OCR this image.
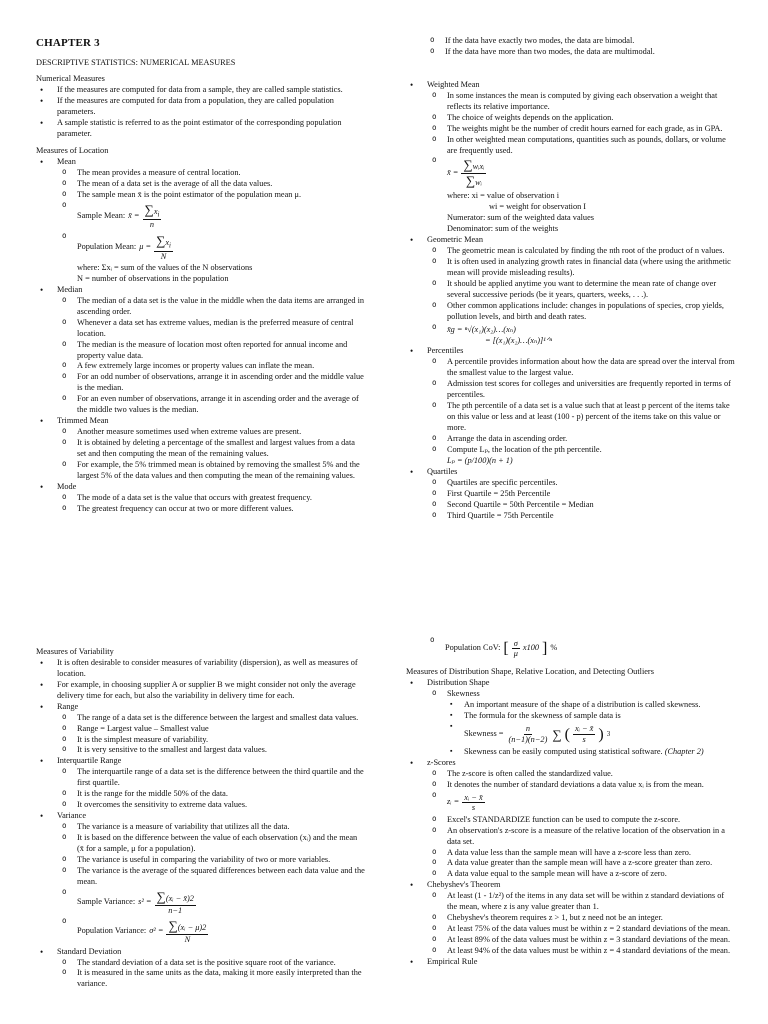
CHAPTER 3
DESCRIPTIVE STATISTICS: NUMERICAL MEASURES
Numerical Measures
• If the measures are computed for data from a sample, they are called sample statistics.
• If the measures are computed for data from a population, they are called population parameters.
• A sample statistic is referred to as the point estimator of the corresponding population parameter.
Measures of Location
• Mean
o The mean provides a measure of central location.
o The mean of a data set is the average of all the data values.
o The sample mean x̄ is the point estimator of the population mean μ.
o Sample Mean: x̄ = $\frac{\sum x_i}{n}$
o Population Mean: $\mu = \frac{\sum x_i}{N}$
where: Σxᵢ = sum of the values of the N observations
N = number of observations in the population
• Median
o The median of a data set is the value in the middle when the data items are arranged in ascending order.
o Whenever a data set has extreme values, median is the preferred measure of central location.
o The median is the measure of location most often reported for annual income and property value data.
o A few extremely large incomes or property values can inflate the mean.
o For an odd number of observations, arrange it in ascending order and the middle value is the median.
o For an even number of observations, arrange it in ascending order and the average of the middle two values is the median.
• Trimmed Mean
o Another measure sometimes used when extreme values are present.
o It is obtained by deleting a percentage of the smallest and largest values from a data set and then computing the mean of the remaining values.
o For example, the 5% trimmed mean is obtained by removing the smallest 5% and the largest 5% of the data values and then computing the mean of the remaining values.
• Mode
o The mode of a data set is the value that occurs with greatest frequency.
o The greatest frequency can occur at two or more different values.
o If the data have exactly two modes, the data are bimodal.
o If the data have more than two modes, the data are multimodal.
• Weighted Mean
o In some instances the mean is computed by giving each observation a weight that reflects its relative importance.
o The choice of weights depends on the application.
o The weights might be the number of credit hours earned for each grade, as in GPA.
o In other weighted mean computations, quantities such as pounds, dollars, or volume are frequently used.
o x̄ = $\frac{\text{∑wᵢxᵢ}}{\text{∑wᵢ}}$
where: xi = value of observation i
wi = weight for observation I
Numerator: sum of the weighted data values
Denominator: sum of the weights
• Geometric Mean
o The geometric mean is calculated by finding the nth root of the product of n values.
o It is often used in analyzing growth rates in financial data (where using the arithmetic mean will provide misleading results).
o It should be applied anytime you want to determine the mean rate of change over several successive periods (be it years, quarters, weeks, . . .).
o Other common applications include: changes in populations of species, crop yields, pollution levels, and birth and death rates.
o x̄g = ⁿ√(x₁)(x₂)…(xₙ)
= [(x₁)(x₂)…(xₙ)]¹ᐟⁿ
• Percentiles
o A percentile provides information about how the data are spread over the interval from the smallest value to the largest value.
o Admission test scores for colleges and universities are frequently reported in terms of percentiles.
o The pth percentile of a data set is a value such that at least p percent of the items take on this value or less and at least (100 - p) percent of the items take on this value or more.
o Arrange the data in ascending order.
o Compute Lₚ, the location of the pth percentile.
Lₚ = (p/100)(n + 1)
• Quartiles
o Quartiles are specific percentiles.
o First Quartile = 25th Percentile
o Second Quartile = 50th Percentile = Median
o Third Quartile = 75th Percentile
Measures of Variability
• It is often desirable to consider measures of variability (dispersion), as well as measures of location.
• For example, in choosing supplier A or supplier B we might consider not only the average delivery time for each, but also the variability in delivery time for each.
• Range
o The range of a data set is the difference between the largest and smallest data values.
o Range = Largest value – Smallest value
o It is the simplest measure of variability.
o It is very sensitive to the smallest and largest data values.
• Interquartile Range
o The interquartile range of a data set is the difference between the third quartile and the first quartile.
o It is the range for the middle 50% of the data.
o It overcomes the sensitivity to extreme data values.
• Variance
o The variance is a measure of variability that utilizes all the data.
o It is based on the difference between the value of each observation (xᵢ) and the mean (x̄ for a sample, μ for a population).
o The variance is useful in comparing the variability of two or more variables.
o The variance is the average of the squared differences between each data value and the mean.
o Sample Variance: $s^2 = \frac{\text{∑(xᵢ − x̄)2}}{n-1}$
o Population Variance: $\sigma^2 = \frac{\text{∑(xᵢ − μ)2}}{N}$
• Standard Deviation
o The standard deviation of a data set is the positive square root of the variance.
o It is measured in the same units as the data, making it more easily interpreted than the variance.
o Population CoV: [ $\frac{\sigma}{\mu} x100$ ] %
Measures of Distribution Shape, Relative Location, and Detecting Outliers
• Distribution Shape
o Skewness
▪ An important measure of the shape of a distribution is called skewness.
▪ The formula for the skewness of sample data is
▪ Skewness = $\frac{n}{(n-1)(n-2)}$ ∑ ( $\frac{\text{xᵢ − x̄}}{s}$ ) 3
▪ Skewness can be easily computed using statistical software. (Chapter 2)
• z-Scores
o The z-score is often called the standardized value.
o It denotes the number of standard deviations a data value xᵢ is from the mean.
o zᵢ = $\frac{\text{xᵢ − x̄}}{s}$
o Excel's STANDARDIZE function can be used to compute the z-score.
o An observation's z-score is a measure of the relative location of the observation in a data set.
o A data value less than the sample mean will have a z-score less than zero.
o A data value greater than the sample mean will have a z-score greater than zero.
o A data value equal to the sample mean will have a z-score of zero.
• Chebyshev's Theorem
o At least (1 - 1/z²) of the items in any data set will be within z standard deviations of the mean, where z is any value greater than 1.
o Chebyshev's theorem requires z > 1, but z need not be an integer.
o At least 75% of the data values must be within z = 2 standard deviations of the mean.
o At least 89% of the data values must be within z = 3 standard deviations of the mean.
o At least 94% of the data values must be within z = 4 standard deviations of the mean.
• Empirical Rule
